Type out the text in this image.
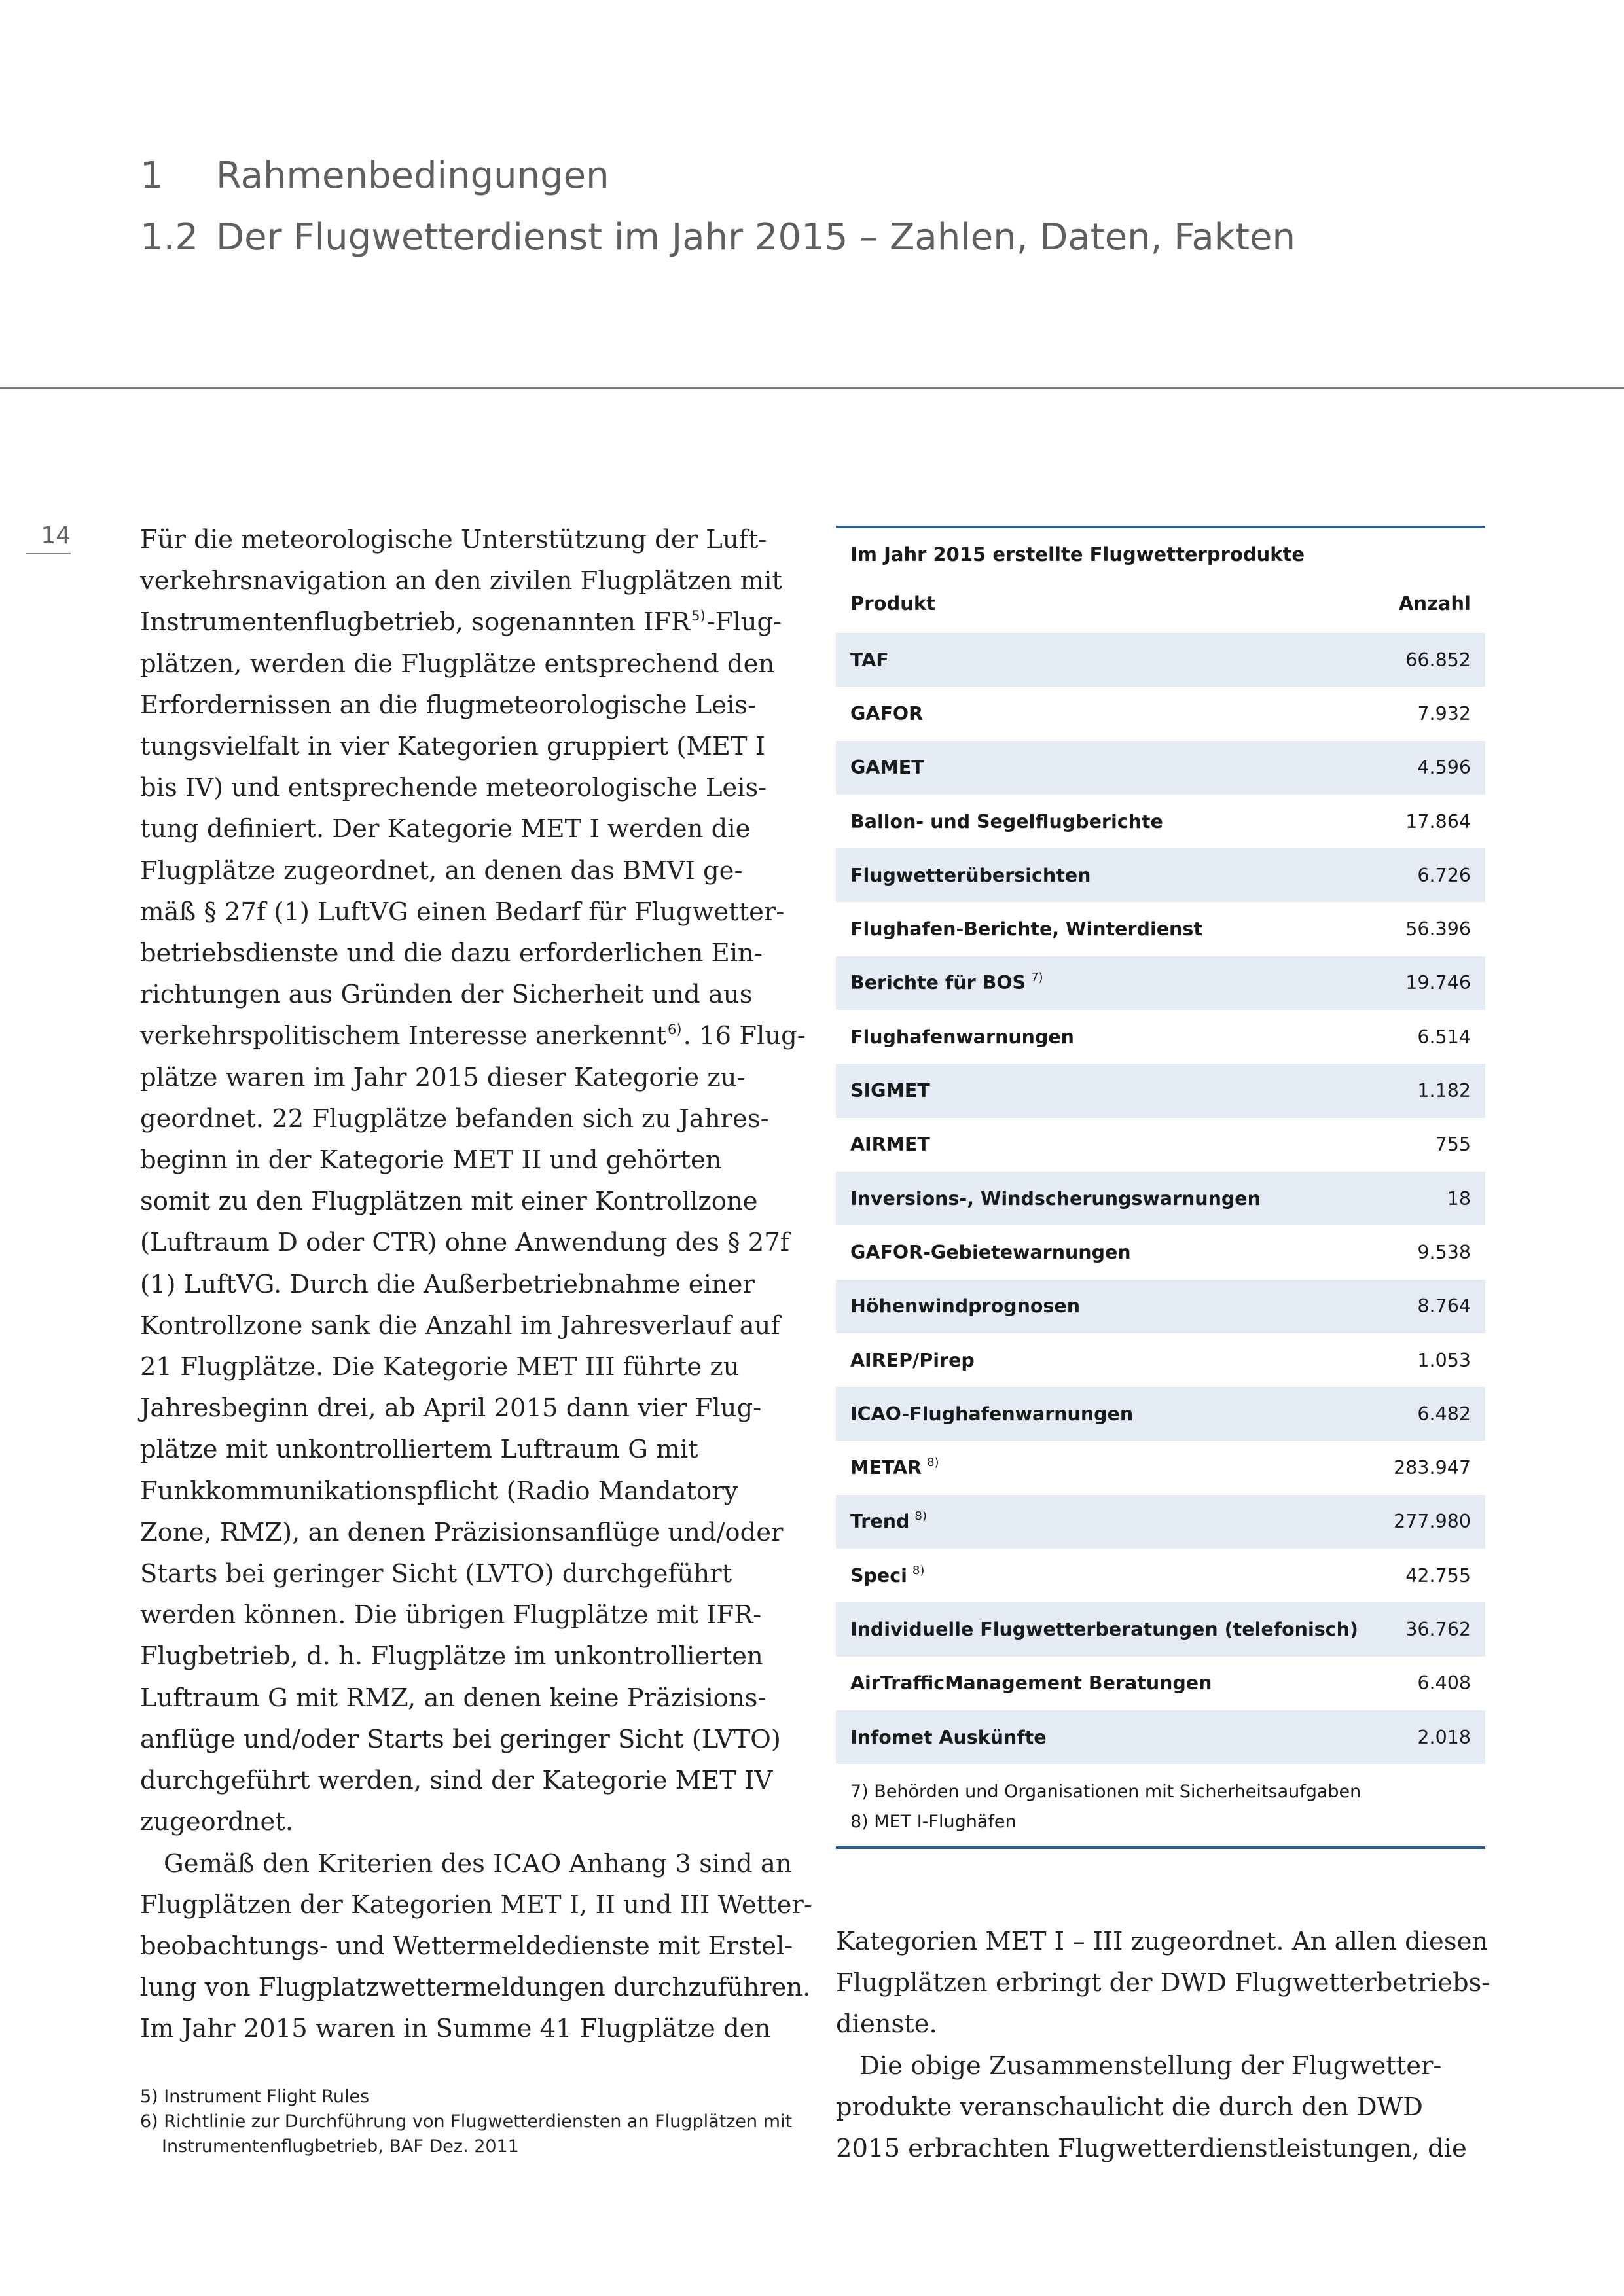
1	Rahmenbedingungen
1.2 Der Flugwetterdienst im Jahr 2015 – Zahlen, Daten, Fakten
14	Für die meteorologische Unterstützung der Luft-
verkehrsnavigation an den zivilen Flugplätzen mit
Instrumentenflugbetrieb, sogenannten IFR$^{5)}$-Flug-
plätzen, werden die Flugplätze entsprechend den
Erfordernissen an die flugmeteorologische Leis-
tungsvielfalt in vier Kategorien gruppiert (MET I
bis IV) und entsprechende meteorologische Leis-
tung definiert. Der Kategorie MET I werden die
Flugplätze zugeordnet, an denen das BMVI ge-
mäß § 27f (1) LuftVG einen Bedarf für Flugwetter-
betriebsdienste und die dazu erforderlichen Ein-
richtungen aus Gründen der Sicherheit und aus
verkehrspolitischem Interesse anerkennt$^{6)}$. 16 Flug-
plätze waren im Jahr 2015 dieser Kategorie zu-
geordnet. 22 Flugplätze befanden sich zu Jahres-
beginn in der Kategorie MET II und gehörten
somit zu den Flugplätzen mit einer Kontrollzone
(Luftraum D oder CTR) ohne Anwendung des § 27f
(1) LuftVG. Durch die Außerbetriebnahme einer
Kontrollzone sank die Anzahl im Jahresverlauf auf
21 Flugplätze. Die Kategorie MET III führte zu
Jahresbeginn drei, ab April 2015 dann vier Flug-
plätze mit unkontrolliertem Luftraum G mit
Funkkommunikationspflicht (Radio Mandatory
Zone, RMZ), an denen Präzisionsanflüge und/oder
Starts bei geringer Sicht (LVTO) durchgeführt
werden können. Die übrigen Flugplätze mit IFR-
Flugbetrieb, d. h. Flugplätze im unkontrollierten
Luftraum G mit RMZ, an denen keine Präzisions-
anflüge und/oder Starts bei geringer Sicht (LVTO)
durchgeführt werden, sind der Kategorie MET IV
zugeordnet.
Gemäß den Kriterien des ICAO Anhang 3 sind an
Flugplätzen der Kategorien MET I, II und III Wetter-
beobachtungs- und Wettermeldedienste mit Erstel-
lung von Flugplatzwettermeldungen durchzuführen.
Im Jahr 2015 waren in Summe 41 Flugplätze den
5) Instrument Flight Rules
6) Richtlinie zur Durchführung von Flugwetterdiensten an Flugplätzen mit
Instrumentenflugbetrieb, BAF Dez. 2011
Im Jahr 2015 erstellte Flugwetterprodukte
Produkt	Anzahl
TAF	66.852
GAFOR	7.932
GAMET	4.596
Ballon- und Segelflugberichte	17.864
Flugwetterübersichten	6.726
Flughafen-Berichte, Winterdienst	56.396
Berichte für BOS $^{7)}$	19.746
Flughafenwarnungen	6.514
SIGMET	1.182
AIRMET	755
Inversions-, Windscherungswarnungen	18
GAFOR-Gebietewarnungen	9.538
Höhenwindprognosen	8.764
AIREP/Pirep	1.053
ICAO-Flughafenwarnungen	6.482
METAR $^{8)}$	283.947
Trend $^{8)}$	277.980
Speci $^{8)}$	42.755
Individuelle Flugwetterberatungen (telefonisch)	36.762
AirTrafficManagement Beratungen	6.408
Infomet Auskünfte	2.018
7) Behörden und Organisationen mit Sicherheitsaufgaben
8) MET I-Flughäfen
Kategorien MET I – III zugeordnet. An allen diesen
Flugplätzen erbringt der DWD Flugwetterbetriebs-
dienste.
Die obige Zusammenstellung der Flugwetter-
produkte veranschaulicht die durch den DWD
2015 erbrachten Flugwetterdienstleistungen, die
